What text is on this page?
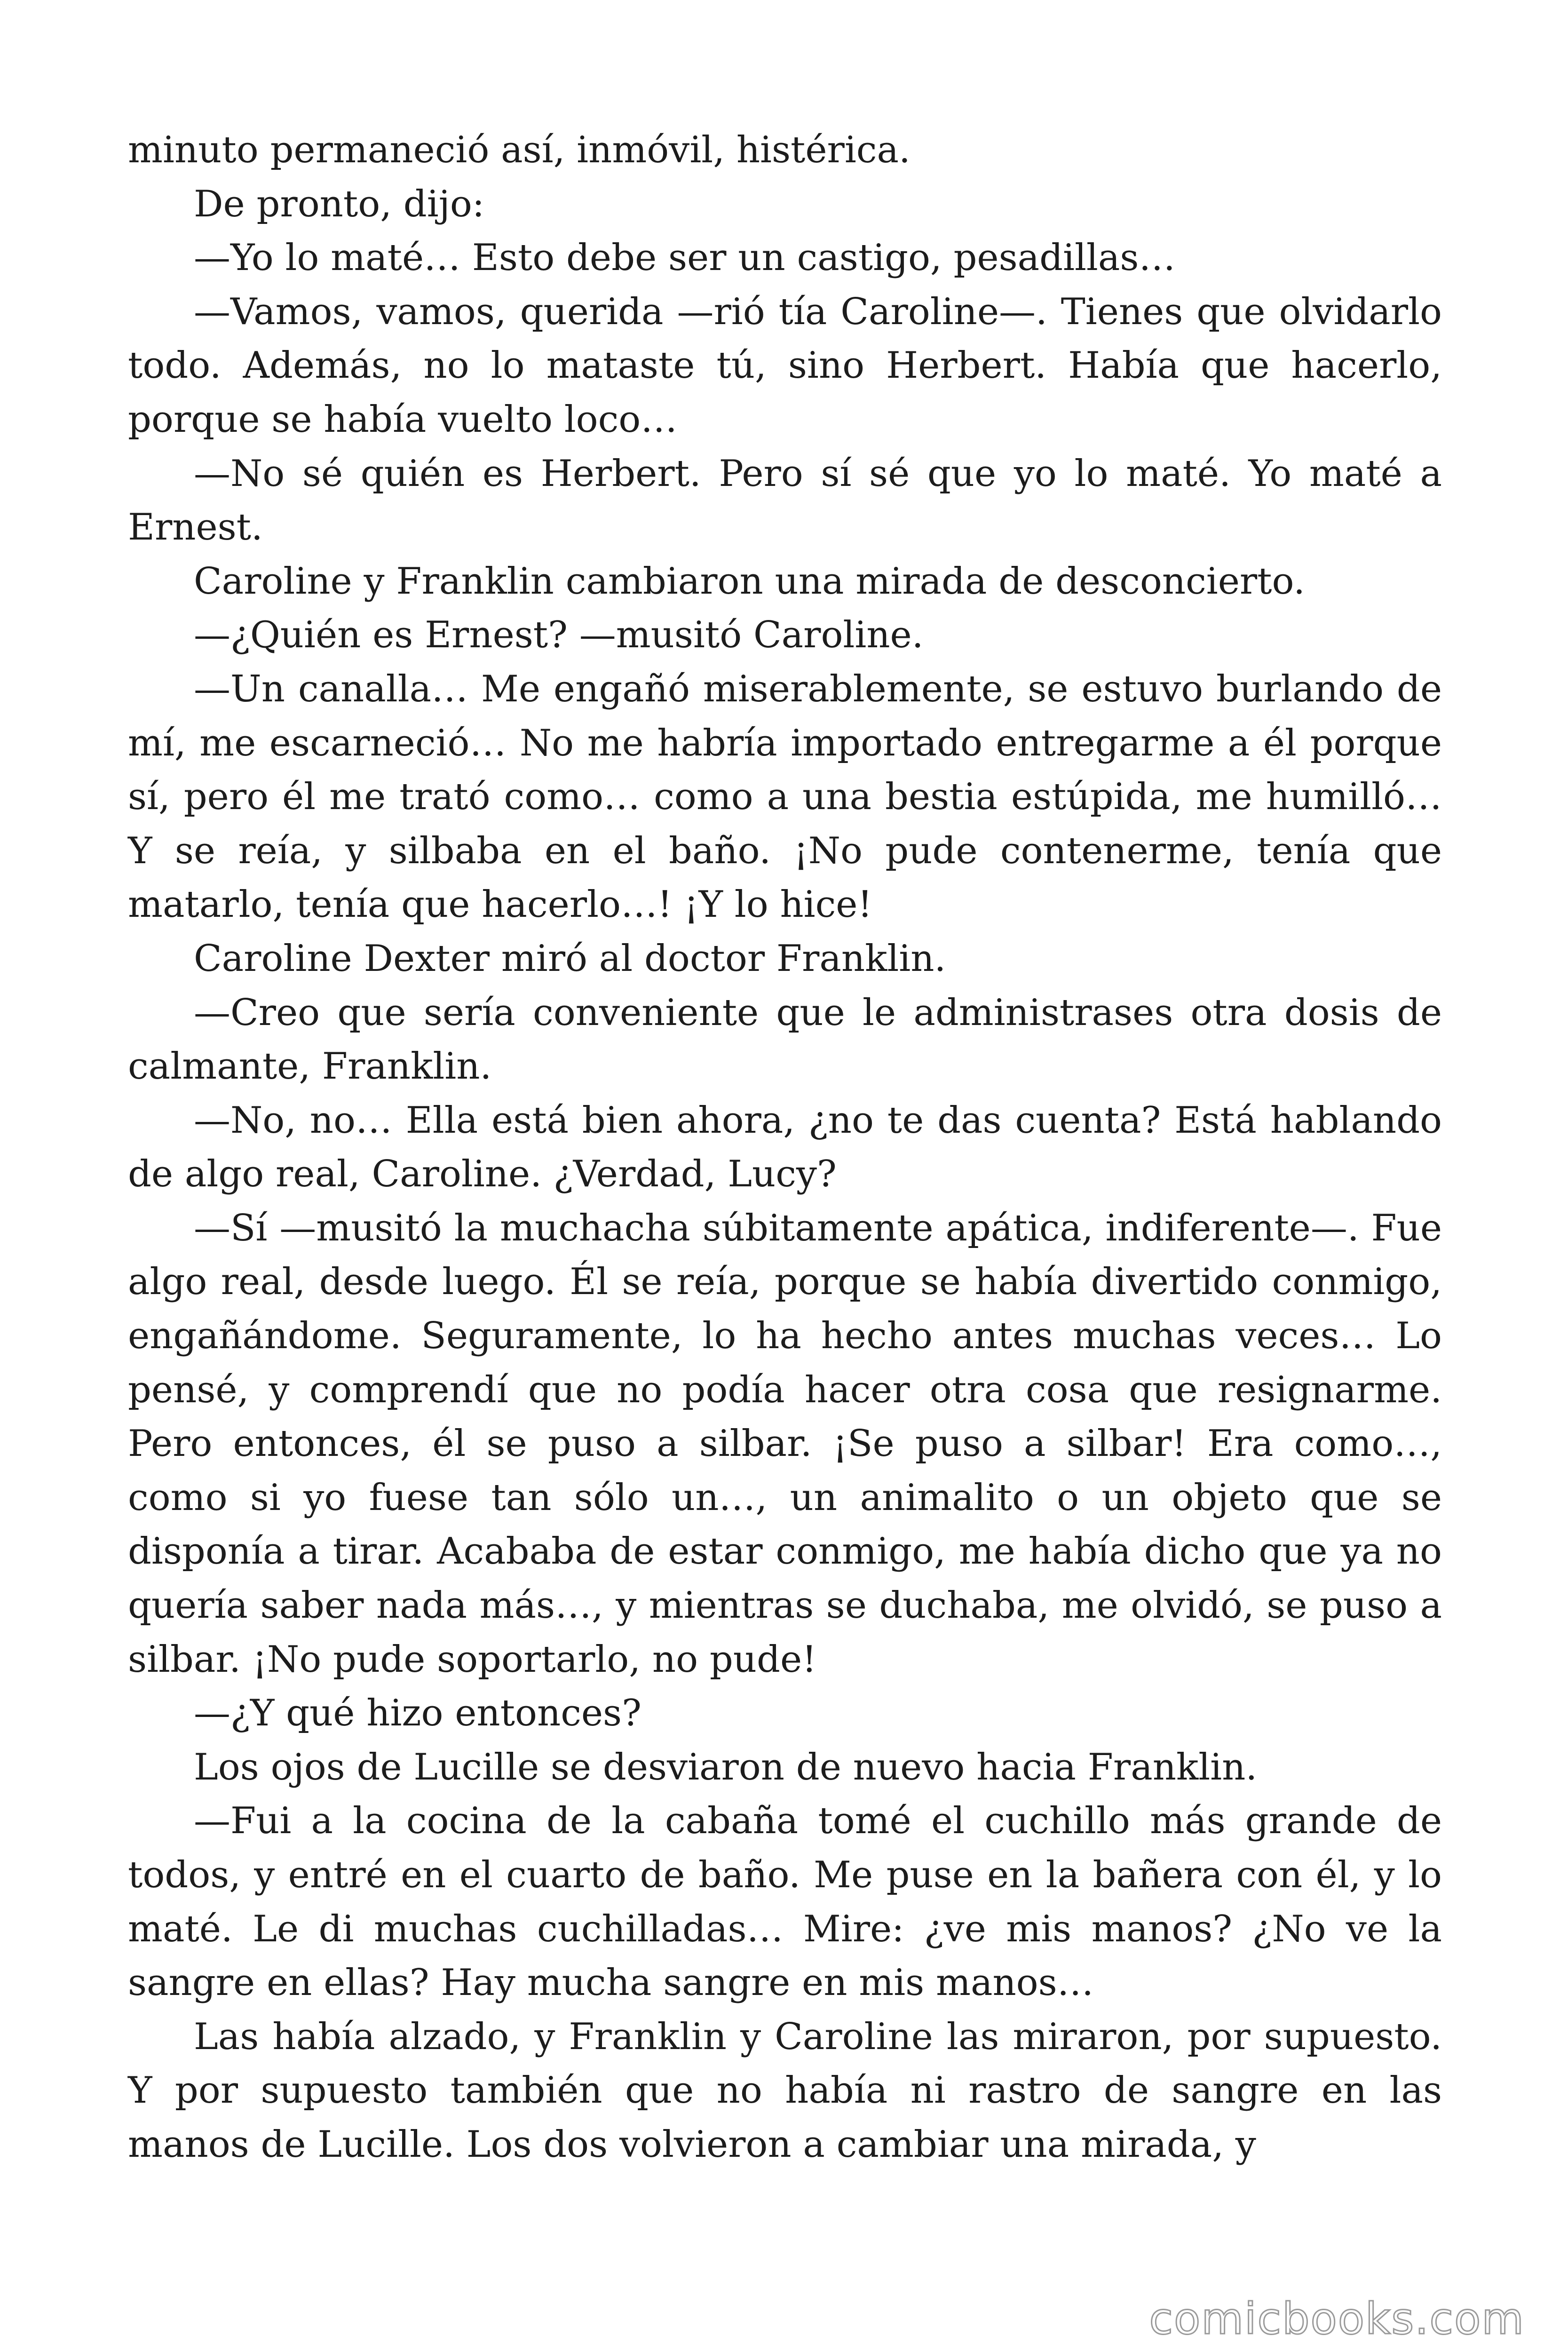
minuto permaneció así, inmóvil, histérica.

De pronto, dijo:

—Yo lo maté… Esto debe ser un castigo, pesadillas…

—Vamos, vamos, querida —rió tía Caroline—. Tienes que olvidarlo todo. Además, no lo mataste tú, sino Herbert. Había que hacerlo, porque se había vuelto loco…

—No sé quién es Herbert. Pero sí sé que yo lo maté. Yo maté a Ernest.

Caroline y Franklin cambiaron una mirada de desconcierto.

—¿Quién es Ernest? —musitó Caroline.

—Un canalla… Me engañó miserablemente, se estuvo burlando de mí, me escarneció… No me habría importado entregarme a él porque sí, pero él me trató como… como a una bestia estúpida, me humilló… Y se reía, y silbaba en el baño. ¡No pude contenerme, tenía que matarlo, tenía que hacerlo…! ¡Y lo hice!

Caroline Dexter miró al doctor Franklin.

—Creo que sería conveniente que le administrases otra dosis de calmante, Franklin.

—No, no… Ella está bien ahora, ¿no te das cuenta? Está hablando de algo real, Caroline. ¿Verdad, Lucy?

—Sí —musitó la muchacha súbitamente apática, indiferente—. Fue algo real, desde luego. Él se reía, porque se había divertido conmigo, engañándome. Seguramente, lo ha hecho antes muchas veces… Lo pensé, y comprendí que no podía hacer otra cosa que resignarme. Pero entonces, él se puso a silbar. ¡Se puso a silbar! Era como…, como si yo fuese tan sólo un…, un animalito o un objeto que se disponía a tirar. Acababa de estar conmigo, me había dicho que ya no quería saber nada más…, y mientras se duchaba, me olvidó, se puso a silbar. ¡No pude soportarlo, no pude!

—¿Y qué hizo entonces?

Los ojos de Lucille se desviaron de nuevo hacia Franklin.

—Fui a la cocina de la cabaña tomé el cuchillo más grande de todos, y entré en el cuarto de baño. Me puse en la bañera con él, y lo maté. Le di muchas cuchilladas… Mire: ¿ve mis manos? ¿No ve la sangre en ellas? Hay mucha sangre en mis manos…

Las había alzado, y Franklin y Caroline las miraron, por supuesto. Y por supuesto también que no había ni rastro de sangre en las manos de Lucille. Los dos volvieron a cambiar una mirada, y

comicbooks.com
